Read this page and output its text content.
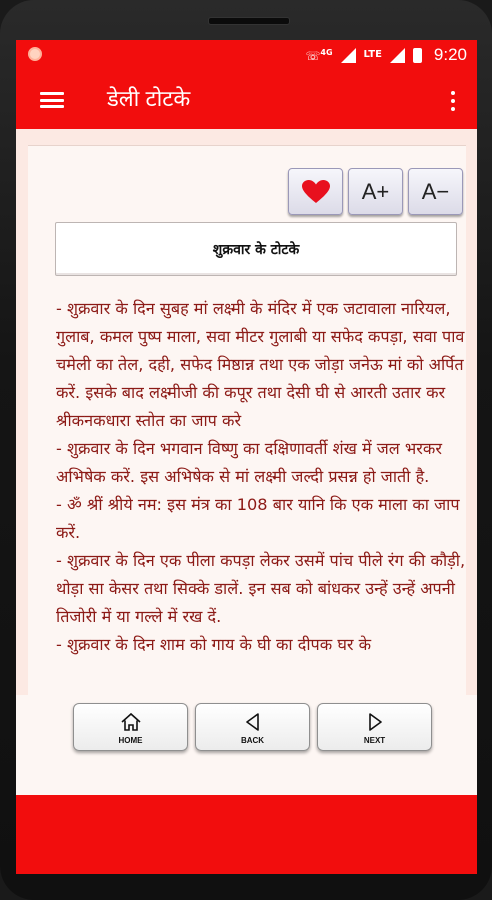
☏$^{4G}$	LTE	9:20
डेली टोटके
A+	A−
शुक्रवार के टोटके

- शुक्रवार के दिन सुबह मां लक्ष्मी के मंदिर में एक जटावाला नारियल, गुलाब, कमल पुष्प माला, सवा मीटर गुलाबी या सफेद कपड़ा, सवा पाव चमेली का तेल, दही, सफेद मिष्ठान्न तथा एक जोड़ा जनेऊ मां को अर्पित करें. इसके बाद लक्ष्मीजी की कपूर तथा देसी घी से आरती उतार कर श्रीकनकधारा स्तोत का जाप करे

- शुक्रवार के दिन भगवान विष्णु का दक्षिणावर्ती शंख में जल भरकर अभिषेक करें. इस अभिषेक से मां लक्ष्मी जल्दी प्रसन्न हो जाती है.

- ॐ श्रीं श्रीये नम: इस मंत्र का 108 बार यानि कि एक माला का जाप करें.

- शुक्रवार के दिन एक पीला कपड़ा लेकर उसमें पांच पीले रंग की कौड़ी, थोड़ा सा केसर तथा सिक्के डालें. इन सब को बांधकर उन्हें उन्हें अपनी तिजोरी में या गल्ले में रख दें.

- शुक्रवार के दिन शाम को गाय के घी का दीपक घर के

HOME	BACK	NEXT
